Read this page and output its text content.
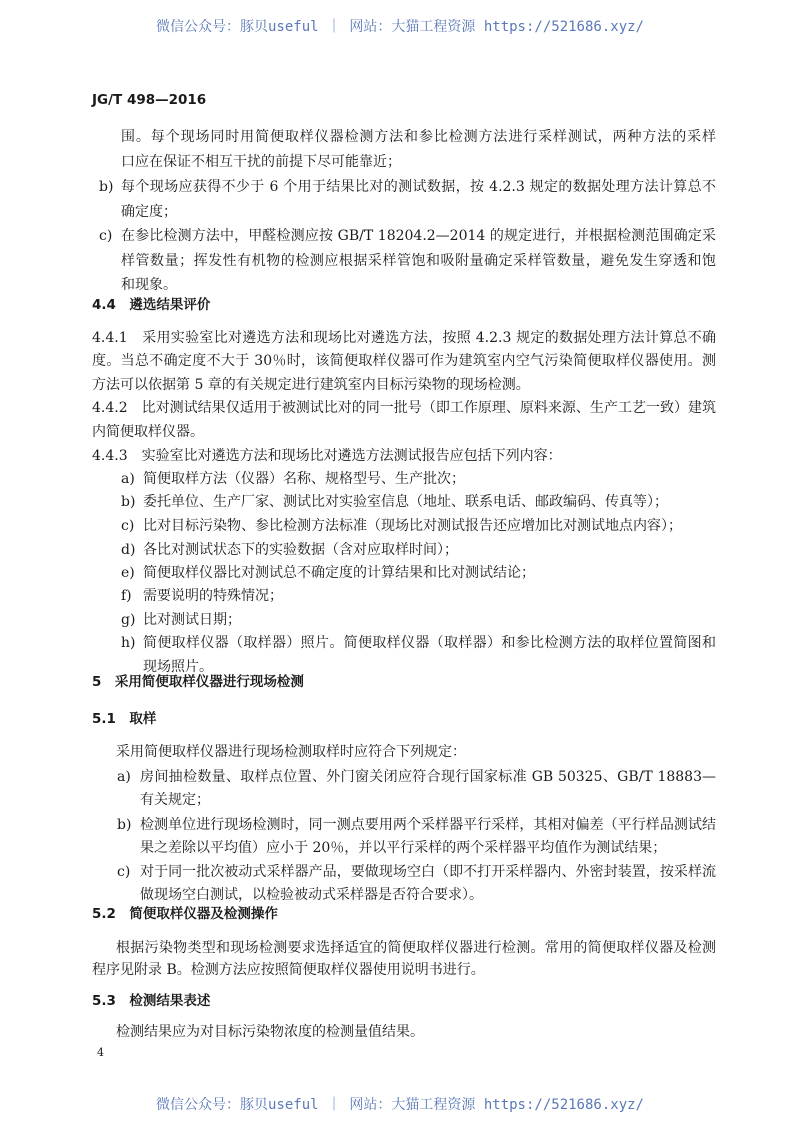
微信公众号：豚贝useful ｜ 网站：大猫工程资源 https://521686.xyz/
JG/T 498—2016
围。每个现场同时用简便取样仪器检测方法和参比检测方法进行采样测试，两种方法的采样
口应在保证不相互干扰的前提下尽可能靠近；
b) 每个现场应获得不少于 6 个用于结果比对的测试数据，按 4.2.3 规定的数据处理方法计算总不
确定度；
c) 在参比检测方法中，甲醛检测应按 GB/T 18204.2—2014 的规定进行，并根据检测范围确定采
样管数量；挥发性有机物的检测应根据采样管饱和吸附量确定采样管数量，避免发生穿透和饱
和现象。
4.4　遴选结果评价
4.4.1　采用实验室比对遴选方法和现场比对遴选方法，按照 4.2.3 规定的数据处理方法计算总不确
度。当总不确定度不大于 30％时，该简便取样仪器可作为建筑室内空气污染简便取样仪器使用。测
方法可以依据第 5 章的有关规定进行建筑室内目标污染物的现场检测。
4.4.2　比对测试结果仅适用于被测试比对的同一批号（即工作原理、原料来源、生产工艺一致）建筑
内简便取样仪器。
4.4.3　实验室比对遴选方法和现场比对遴选方法测试报告应包括下列内容：
a) 简便取样方法（仪器）名称、规格型号、生产批次；
b) 委托单位、生产厂家、测试比对实验室信息（地址、联系电话、邮政编码、传真等）；
c) 比对目标污染物、参比检测方法标准（现场比对测试报告还应增加比对测试地点内容）；
d) 各比对测试状态下的实验数据（含对应取样时间）；
e) 简便取样仪器比对测试总不确定度的计算结果和比对测试结论；
f) 需要说明的特殊情况；
g) 比对测试日期；
h) 简便取样仪器（取样器）照片。简便取样仪器（取样器）和参比检测方法的取样位置简图和
现场照片。
5　采用简便取样仪器进行现场检测
5.1　取样
采用简便取样仪器进行现场检测取样时应符合下列规定：
a) 房间抽检数量、取样点位置、外门窗关闭应符合现行国家标准 GB 50325、GB/T 18883—
有关规定；
b) 检测单位进行现场检测时，同一测点要用两个采样器平行采样，其相对偏差（平行样品测试结
果之差除以平均值）应小于 20％，并以平行采样的两个采样器平均值作为测试结果；
c) 对于同一批次被动式采样器产品，要做现场空白（即不打开采样器内、外密封装置，按采样流
做现场空白测试，以检验被动式采样器是否符合要求）。
5.2　简便取样仪器及检测操作
根据污染物类型和现场检测要求选择适宜的简便取样仪器进行检测。常用的简便取样仪器及检测
程序见附录 B。检测方法应按照简便取样仪器使用说明书进行。
5.3　检测结果表述
检测结果应为对目标污染物浓度的检测量值结果。
4
微信公众号：豚贝useful ｜ 网站：大猫工程资源 https://521686.xyz/
